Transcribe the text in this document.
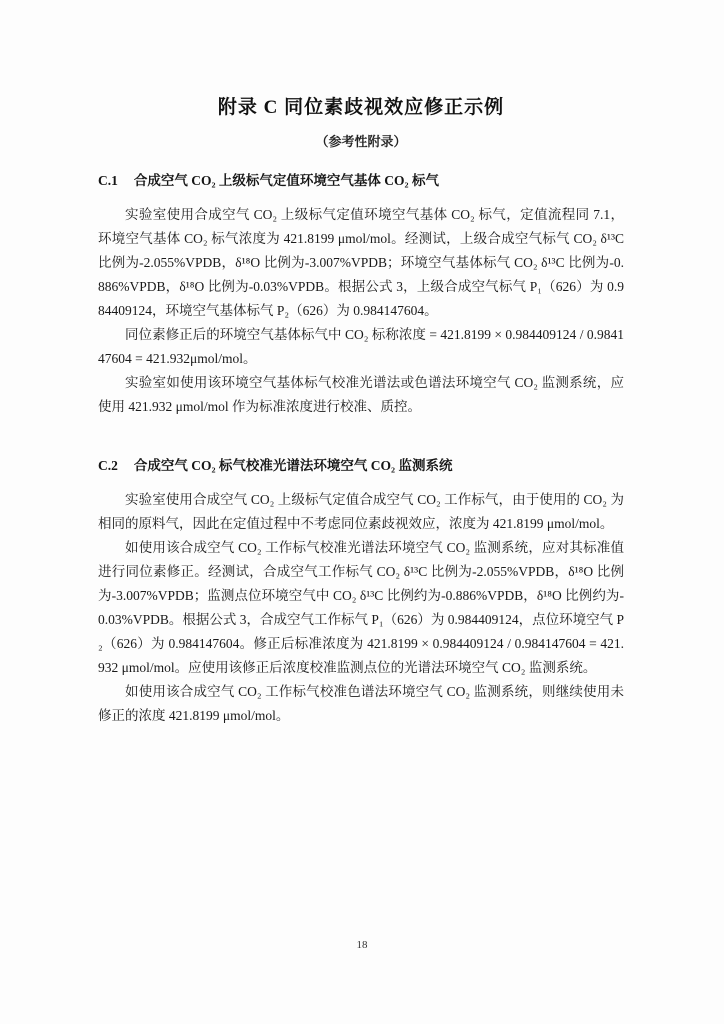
附录 C 同位素歧视效应修正示例
（参考性附录）
C.1 合成空气 CO₂ 上级标气定值环境空气基体 CO₂ 标气

实验室使用合成空气 CO₂ 上级标气定值环境空气基体 CO₂ 标气，定值流程同 7.1，环境空气基体 CO₂ 标气浓度为 421.8199 μmol/mol。经测试，上级合成空气标气 CO₂ δ¹³C 比例为-2.055%VPDB，δ¹⁸O 比例为-3.007%VPDB；环境空气基体标气 CO₂ δ¹³C 比例为-0.886%VPDB，δ¹⁸O 比例为-0.03%VPDB。根据公式 3，上级合成空气标气 P₁（626）为 0.984409124，环境空气基体标气 P₂（626）为 0.984147604。

同位素修正后的环境空气基体标气中 CO₂ 标称浓度 = 421.8199 × 0.984409124 / 0.984147604 = 421.932μmol/mol。

实验室如使用该环境空气基体标气校准光谱法或色谱法环境空气 CO₂ 监测系统，应使用 421.932 μmol/mol 作为标准浓度进行校准、质控。

C.2 合成空气 CO₂ 标气校准光谱法环境空气 CO₂ 监测系统

实验室使用合成空气 CO₂ 上级标气定值合成空气 CO₂ 工作标气，由于使用的 CO₂ 为相同的原料气，因此在定值过程中不考虑同位素歧视效应，浓度为 421.8199 μmol/mol。

如使用该合成空气 CO₂ 工作标气校准光谱法环境空气 CO₂ 监测系统，应对其标准值进行同位素修正。经测试，合成空气工作标气 CO₂ δ¹³C 比例为-2.055%VPDB，δ¹⁸O 比例为-3.007%VPDB；监测点位环境空气中 CO₂ δ¹³C 比例约为-0.886%VPDB，δ¹⁸O 比例约为-0.03%VPDB。根据公式 3，合成空气工作标气 P₁（626）为 0.984409124，点位环境空气 P₂（626）为 0.984147604。修正后标准浓度为 421.8199 × 0.984409124 / 0.984147604 = 421.932 μmol/mol。应使用该修正后浓度校准监测点位的光谱法环境空气 CO₂ 监测系统。

如使用该合成空气 CO₂ 工作标气校准色谱法环境空气 CO₂ 监测系统，则继续使用未修正的浓度 421.8199 μmol/mol。

18
